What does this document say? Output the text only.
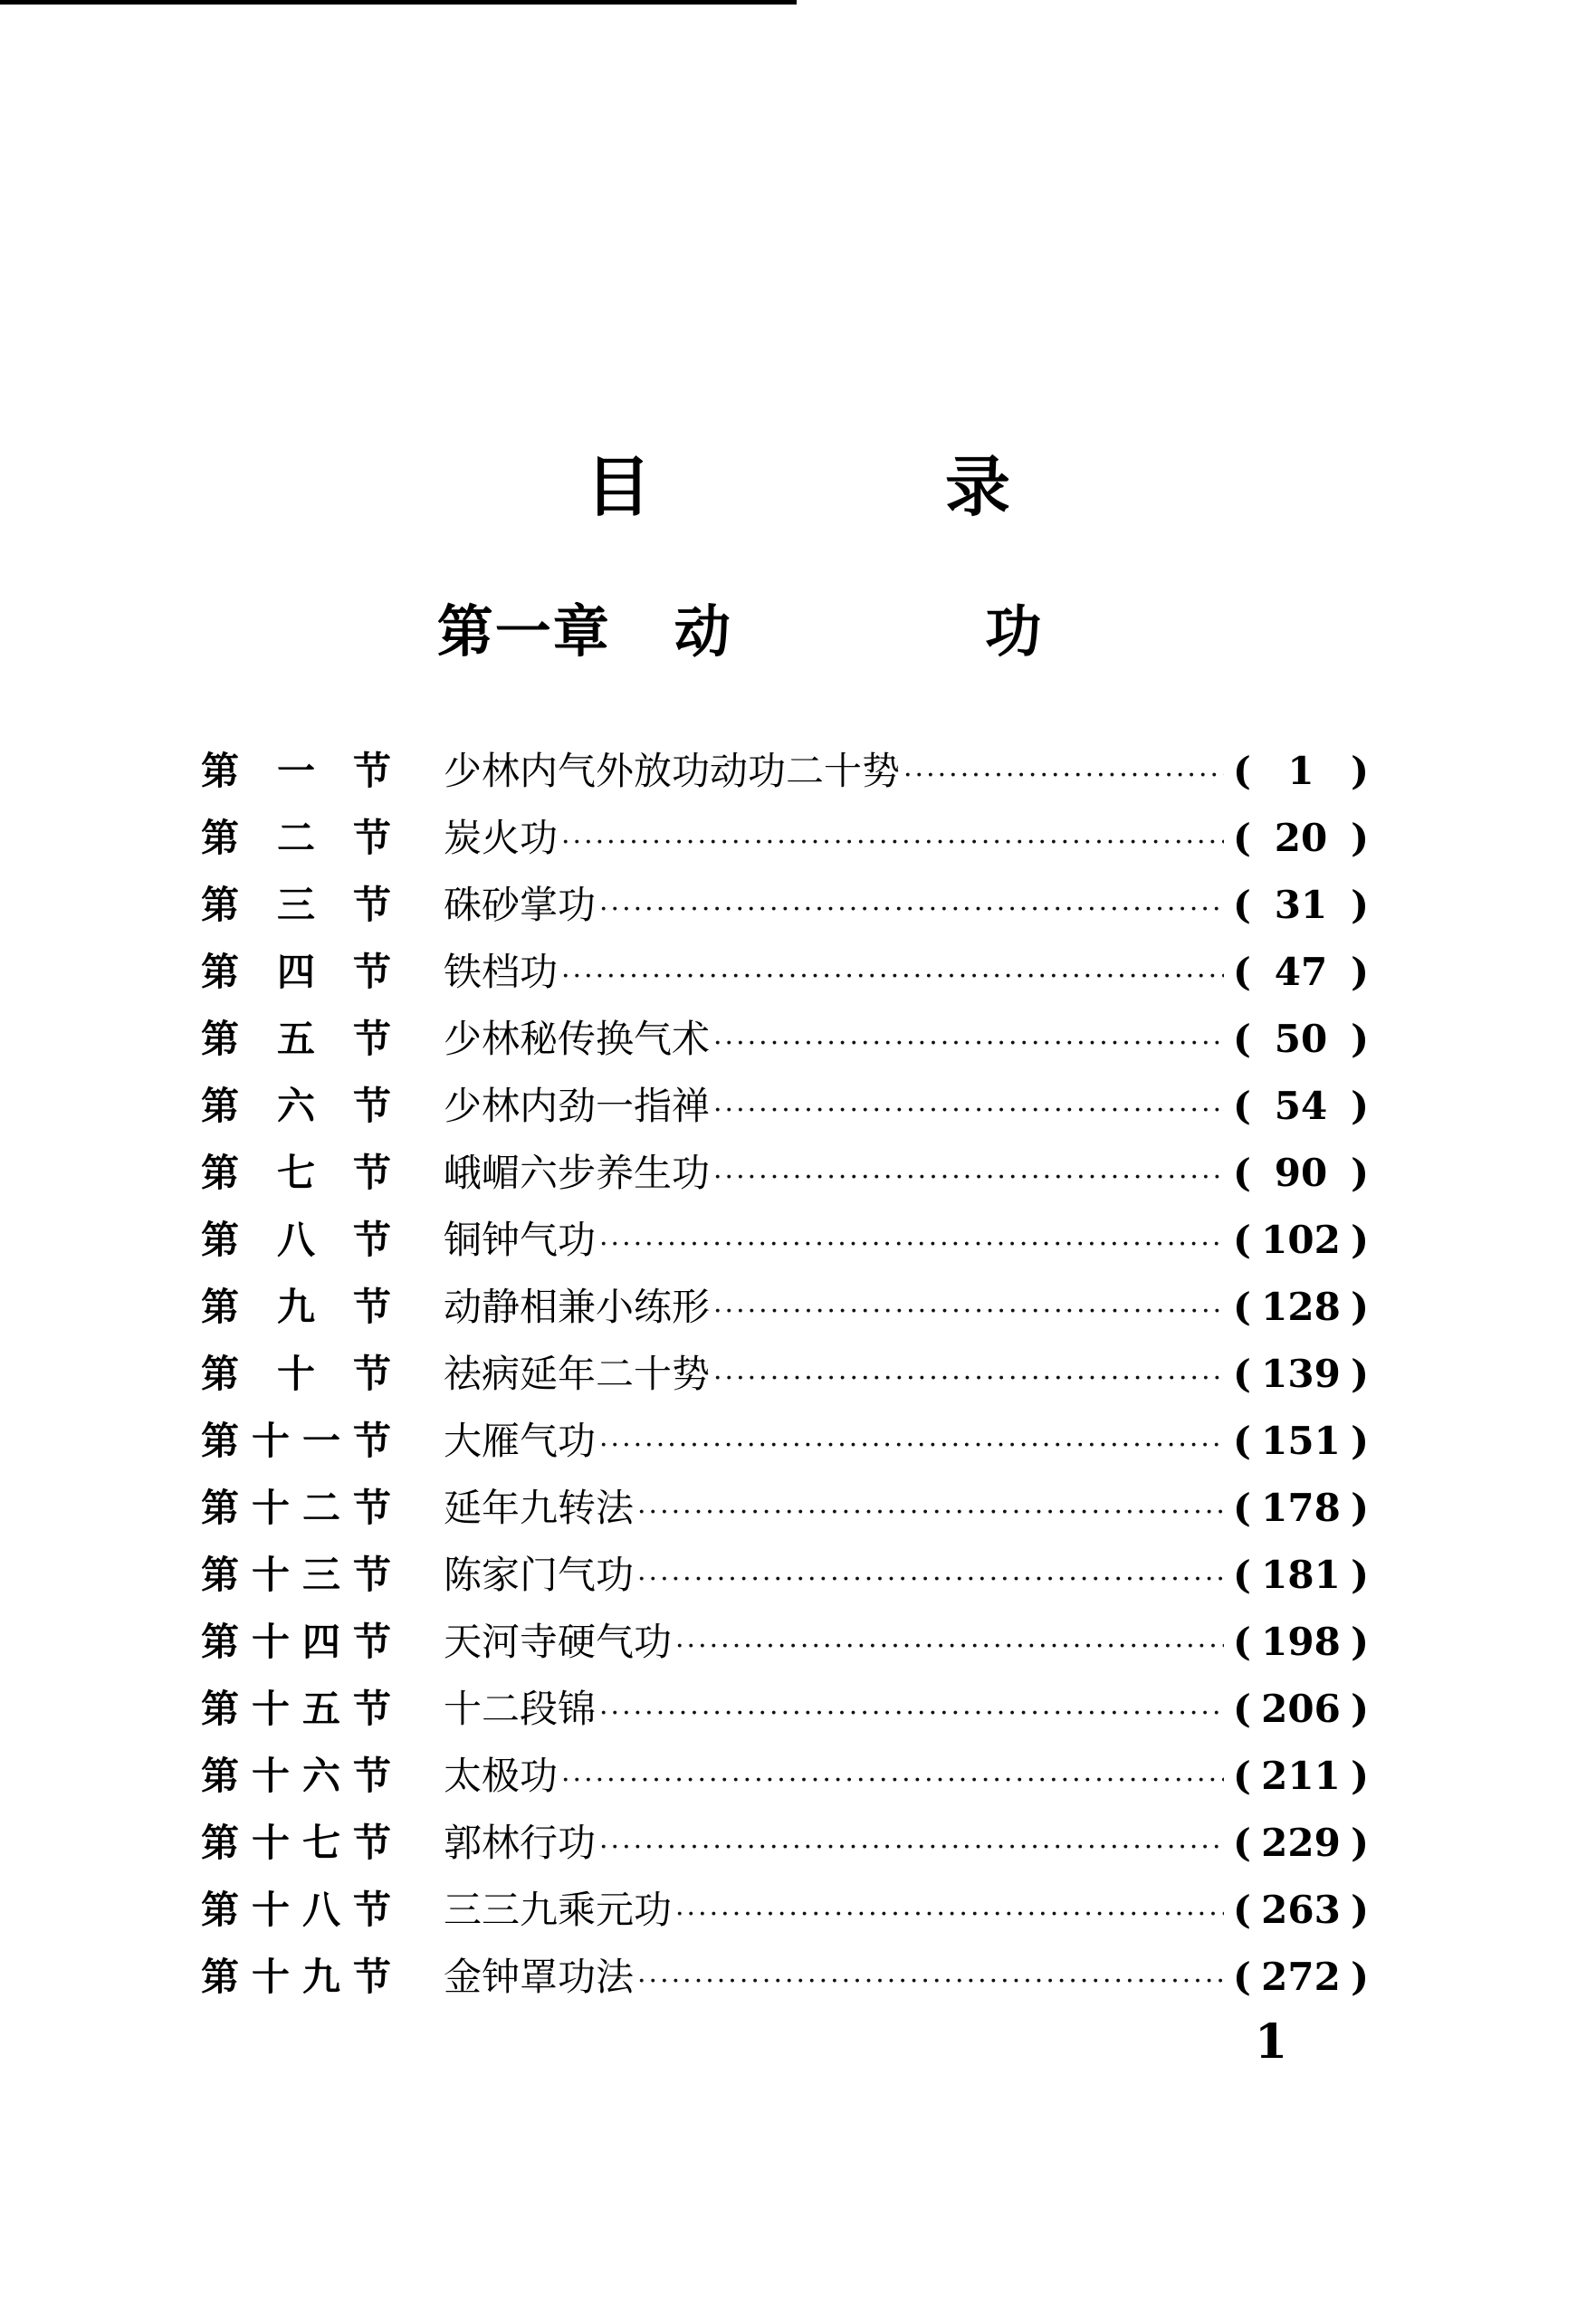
目 录
第一章 动 功
第一节 少林内气外放功动功二十势 ·····	( 1 )
第二节 炭火功 ·····	( 20 )
第三节 硃砂掌功 ·····	( 31 )
第四节 铁档功 ·····	( 47 )
第五节 少林秘传换气术 ·····	( 50 )
第六节 少林内劲一指禅 ·····	( 54 )
第七节 峨嵋六步养生功 ·····	( 90 )
第八节 铜钟气功 ·····	( 102 )
第九节 动静相兼小练形 ·····	( 128 )
第十节 祛病延年二十势 ·····	( 139 )
第十一节 大雁气功 ·····	( 151 )
第十二节 延年九转法 ·····	( 178 )
第十三节 陈家门气功 ·····	( 181 )
第十四节 天河寺硬气功 ·····	( 198 )
第十五节 十二段锦 ·····	( 206 )
第十六节 太极功 ·····	( 211 )
第十七节 郭林行功 ·····	( 229 )
第十八节 三三九乘元功 ·····	( 263 )
第十九节 金钟罩功法 ·····	( 272 )
1
